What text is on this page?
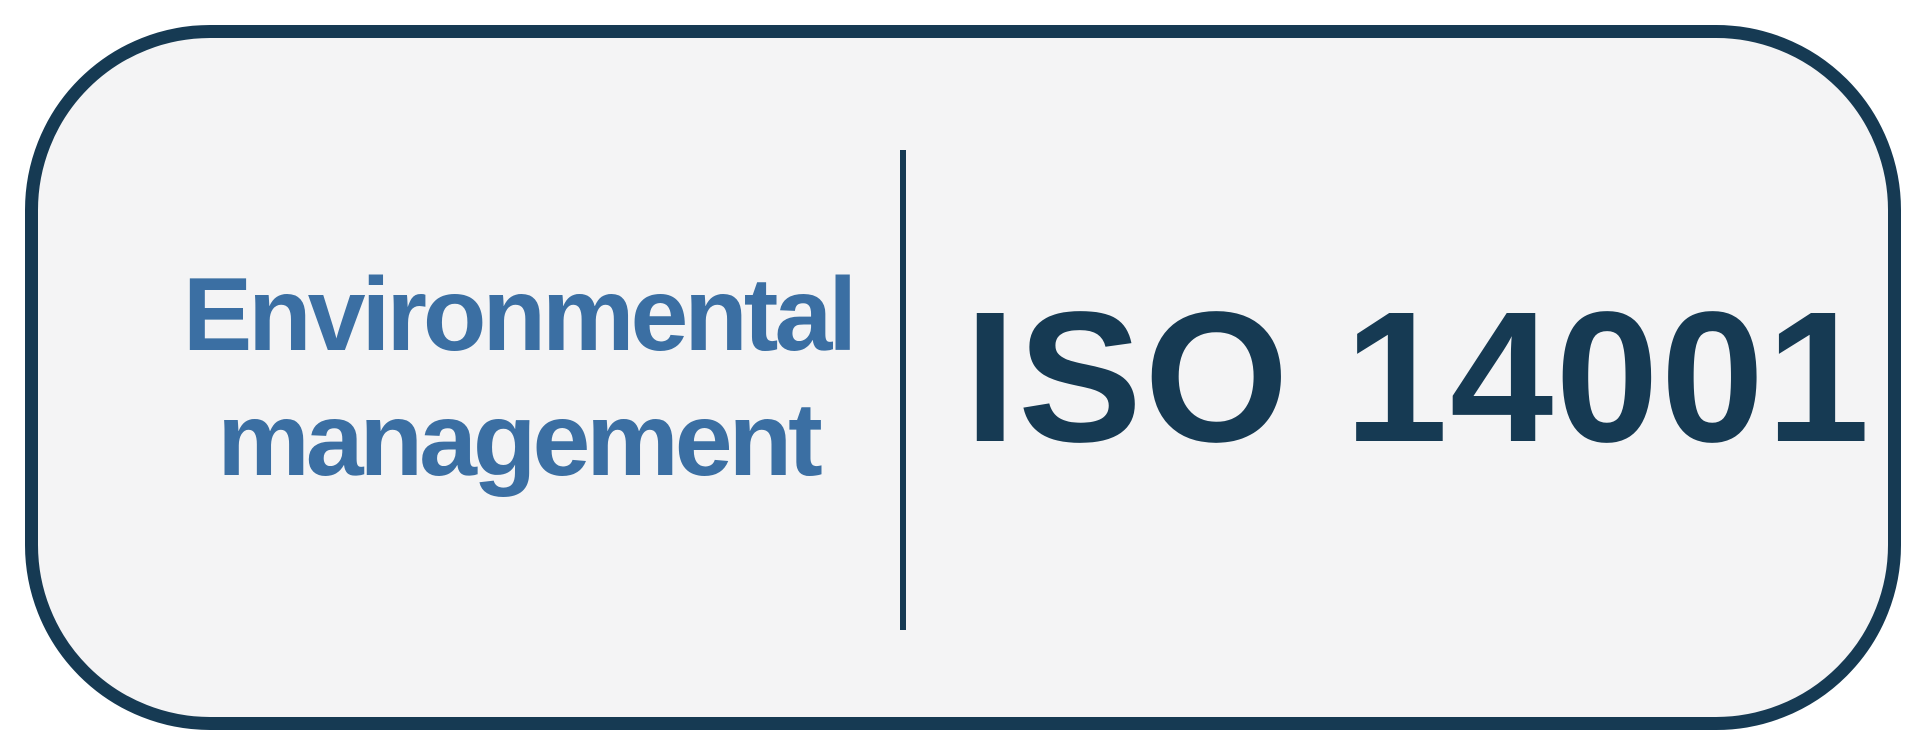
Environmental
management ISO 14001
